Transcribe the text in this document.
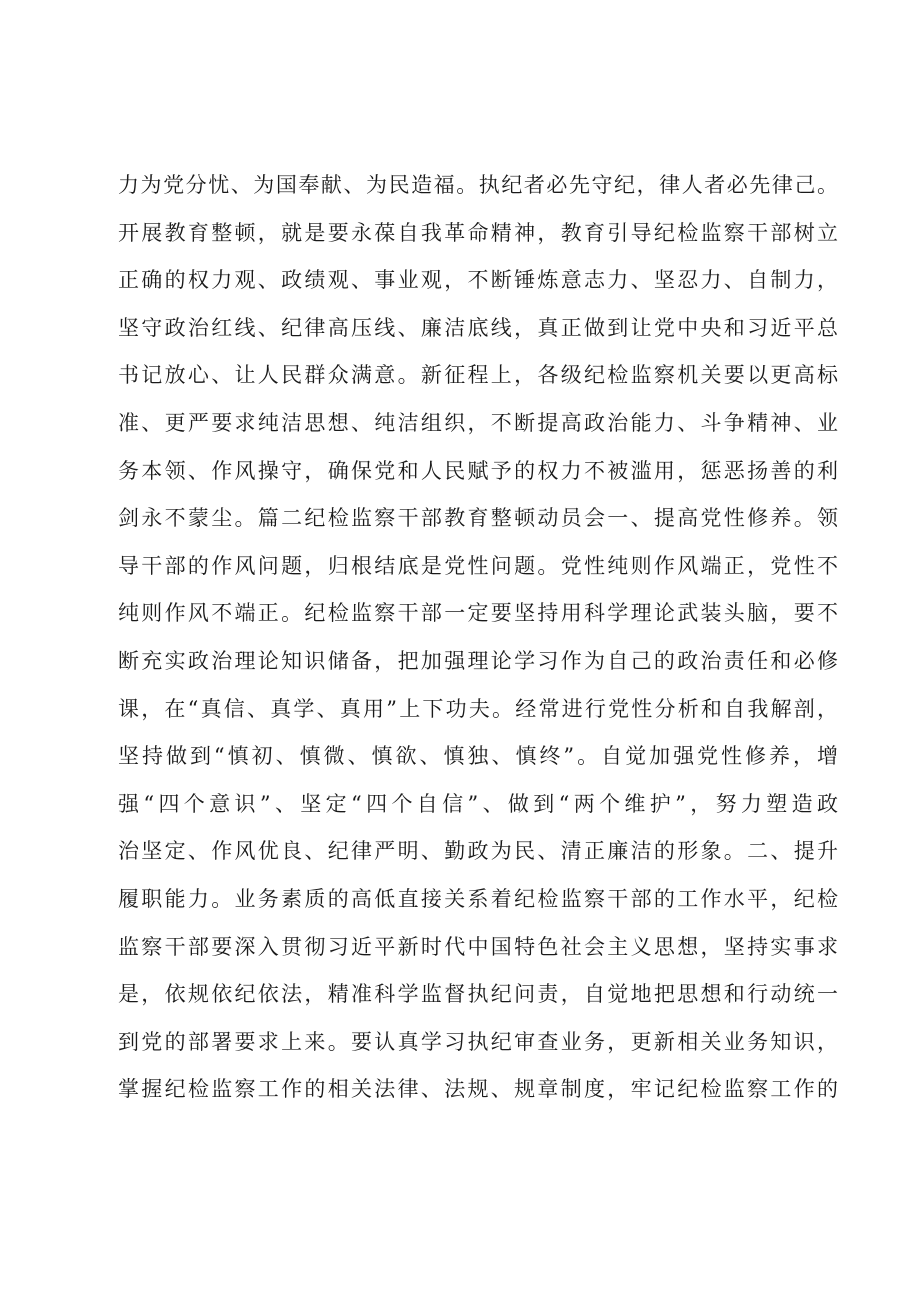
力为党分忧、为国奉献、为民造福。执纪者必先守纪，律人者必先律己。
开展教育整顿，就是要永葆自我革命精神，教育引导纪检监察干部树立
正确的权力观、政绩观、事业观，不断锤炼意志力、坚忍力、自制力，
坚守政治红线、纪律高压线、廉洁底线，真正做到让党中央和习近平总
书记放心、让人民群众满意。新征程上，各级纪检监察机关要以更高标
准、更严要求纯洁思想、纯洁组织，不断提高政治能力、斗争精神、业
务本领、作风操守，确保党和人民赋予的权力不被滥用，惩恶扬善的利
剑永不蒙尘。篇二纪检监察干部教育整顿动员会一、提高党性修养。领
导干部的作风问题，归根结底是党性问题。党性纯则作风端正，党性不
纯则作风不端正。纪检监察干部一定要坚持用科学理论武装头脑，要不
断充实政治理论知识储备，把加强理论学习作为自己的政治责任和必修
课，在“真信、真学、真用”上下功夫。经常进行党性分析和自我解剖，
坚持做到“慎初、慎微、慎欲、慎独、慎终”。自觉加强党性修养，增
强“四个意识”、坚定“四个自信”、做到“两个维护”，努力塑造政
治坚定、作风优良、纪律严明、勤政为民、清正廉洁的形象。二、提升
履职能力。业务素质的高低直接关系着纪检监察干部的工作水平，纪检
监察干部要深入贯彻习近平新时代中国特色社会主义思想，坚持实事求
是，依规依纪依法，精准科学监督执纪问责，自觉地把思想和行动统一
到党的部署要求上来。要认真学习执纪审查业务，更新相关业务知识，
掌握纪检监察工作的相关法律、法规、规章制度，牢记纪检监察工作的
